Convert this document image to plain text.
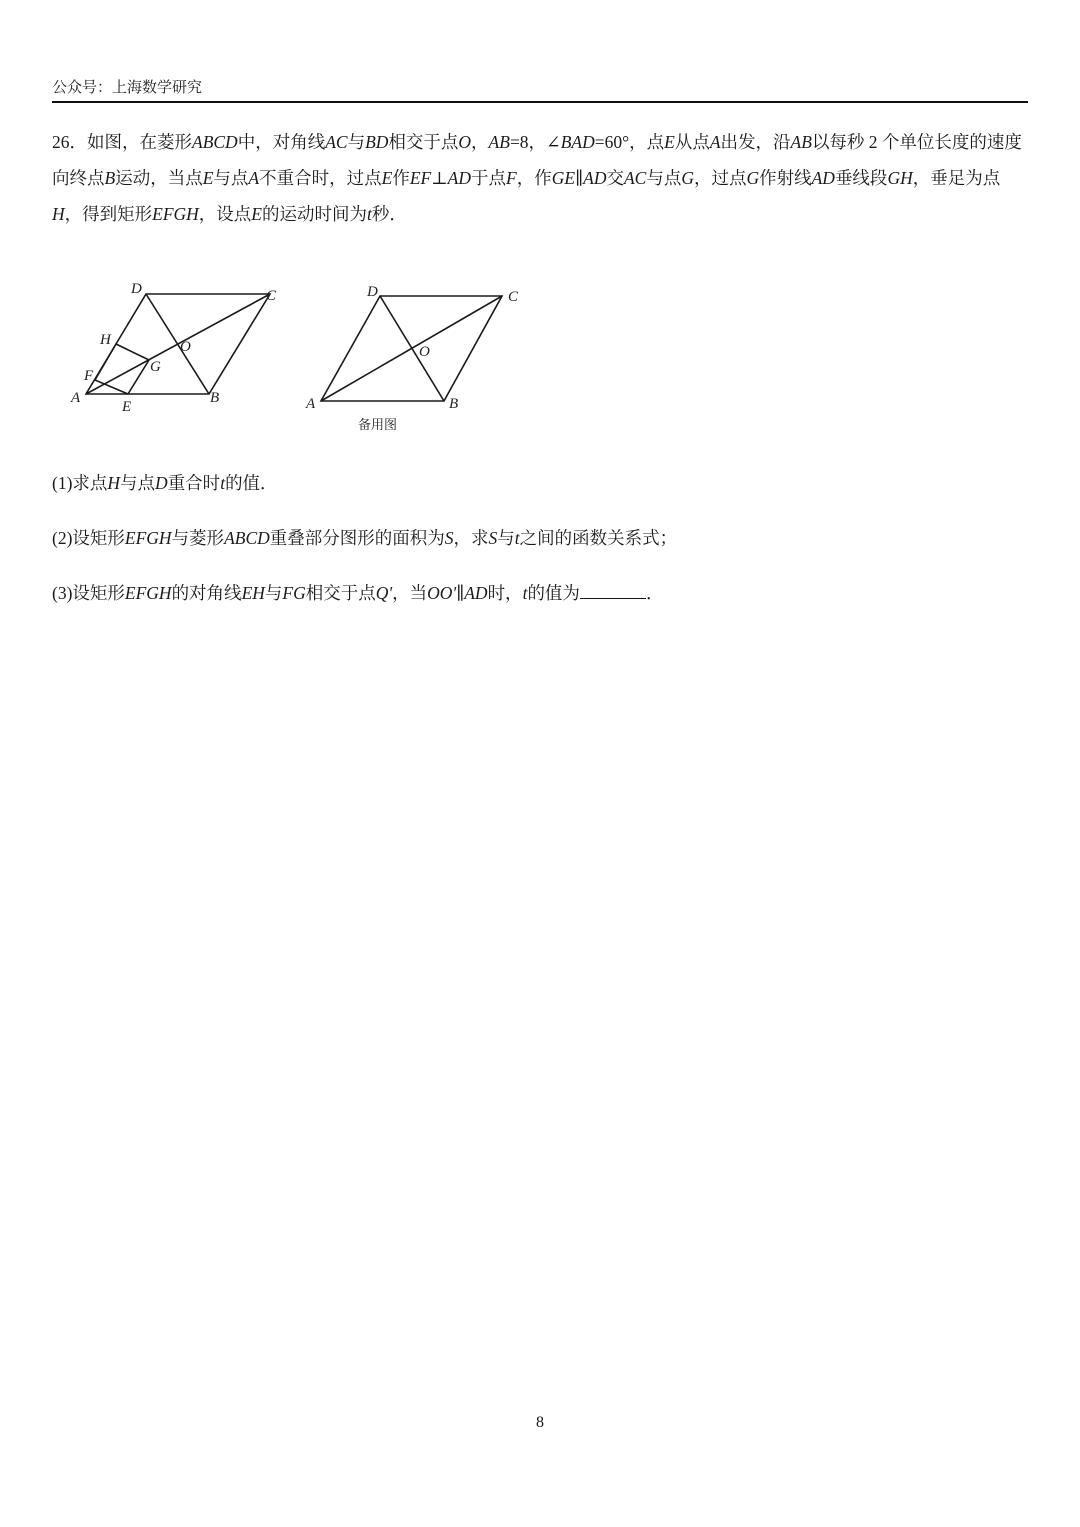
公众号：上海数学研究
26．如图，在菱形ABCD中，对角线AC与BD相交于点O，AB=8，∠BAD=60°，点E从点A出发，沿AB以每秒 2 个单位长度的速度向终点B运动，当点E与点A不重合时，过点E作EF⊥AD于点F，作GE∥AD交AC与点G，过点G作射线AD垂线段GH，垂足为点H，得到矩形EFGH，设点E的运动时间为t秒．
D	C
H	O
G
F
A
E
B
D	C
O
A	B
备用图
(1)求点H与点D重合时t的值．
(2)设矩形EFGH与菱形ABCD重叠部分图形的面积为S，求S与t之间的函数关系式；
(3)设矩形EFGH的对角线EH与FG相交于点Q'，当OO'∥AD时，t的值为	．
8
